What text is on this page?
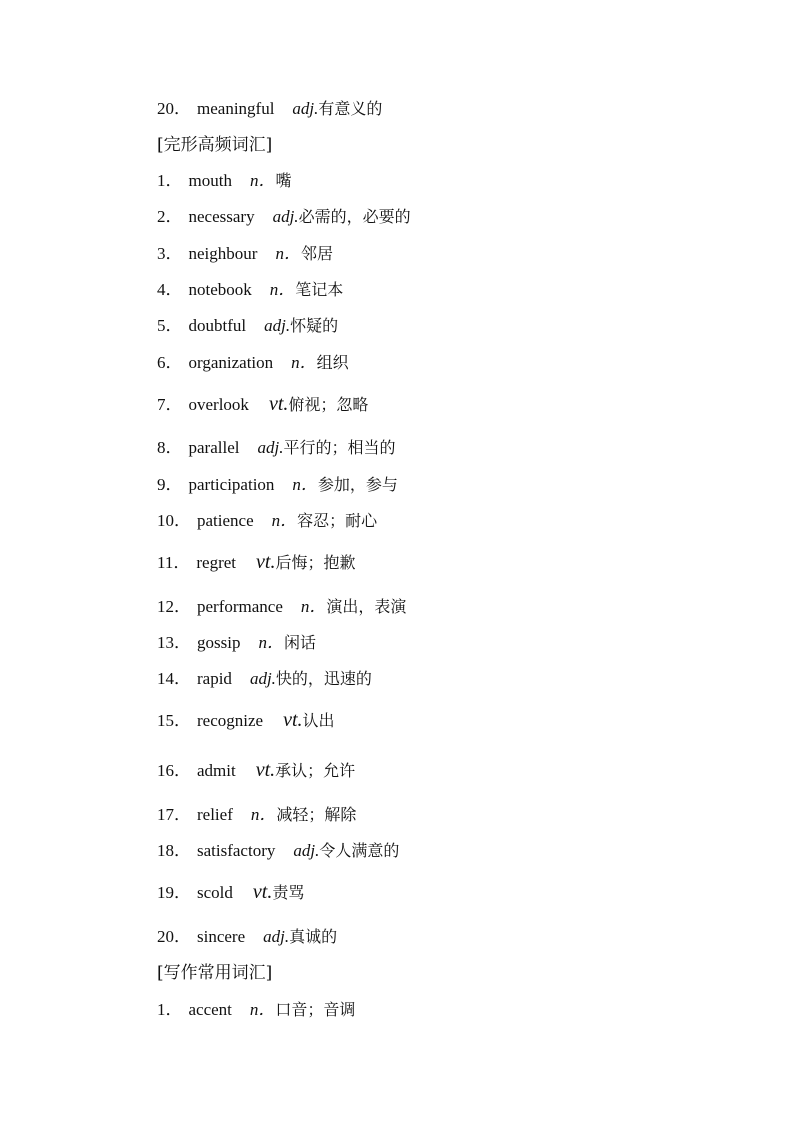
20． meaningful adj.有意义的
[完形高频词汇]
1． mouth n．嘴
2． necessary adj.必需的，必要的
3． neighbour n．邻居
4． notebook n．笔记本
5． doubtful adj.怀疑的
6． organization n．组织
7． overlook vt.俯视；忽略
8． parallel adj.平行的；相当的
9． participation n．参加，参与
10． patience n．容忍；耐心
11． regret vt.后悔；抱歉
12． performance n．演出，表演
13． gossip n．闲话
14． rapid adj.快的，迅速的
15． recognize vt.认出
16． admit vt.承认；允许
17． relief n．减轻；解除
18． satisfactory adj.令人满意的
19． scold vt.责骂
20． sincere adj.真诚的
[写作常用词汇]
1． accent n．口音；音调
